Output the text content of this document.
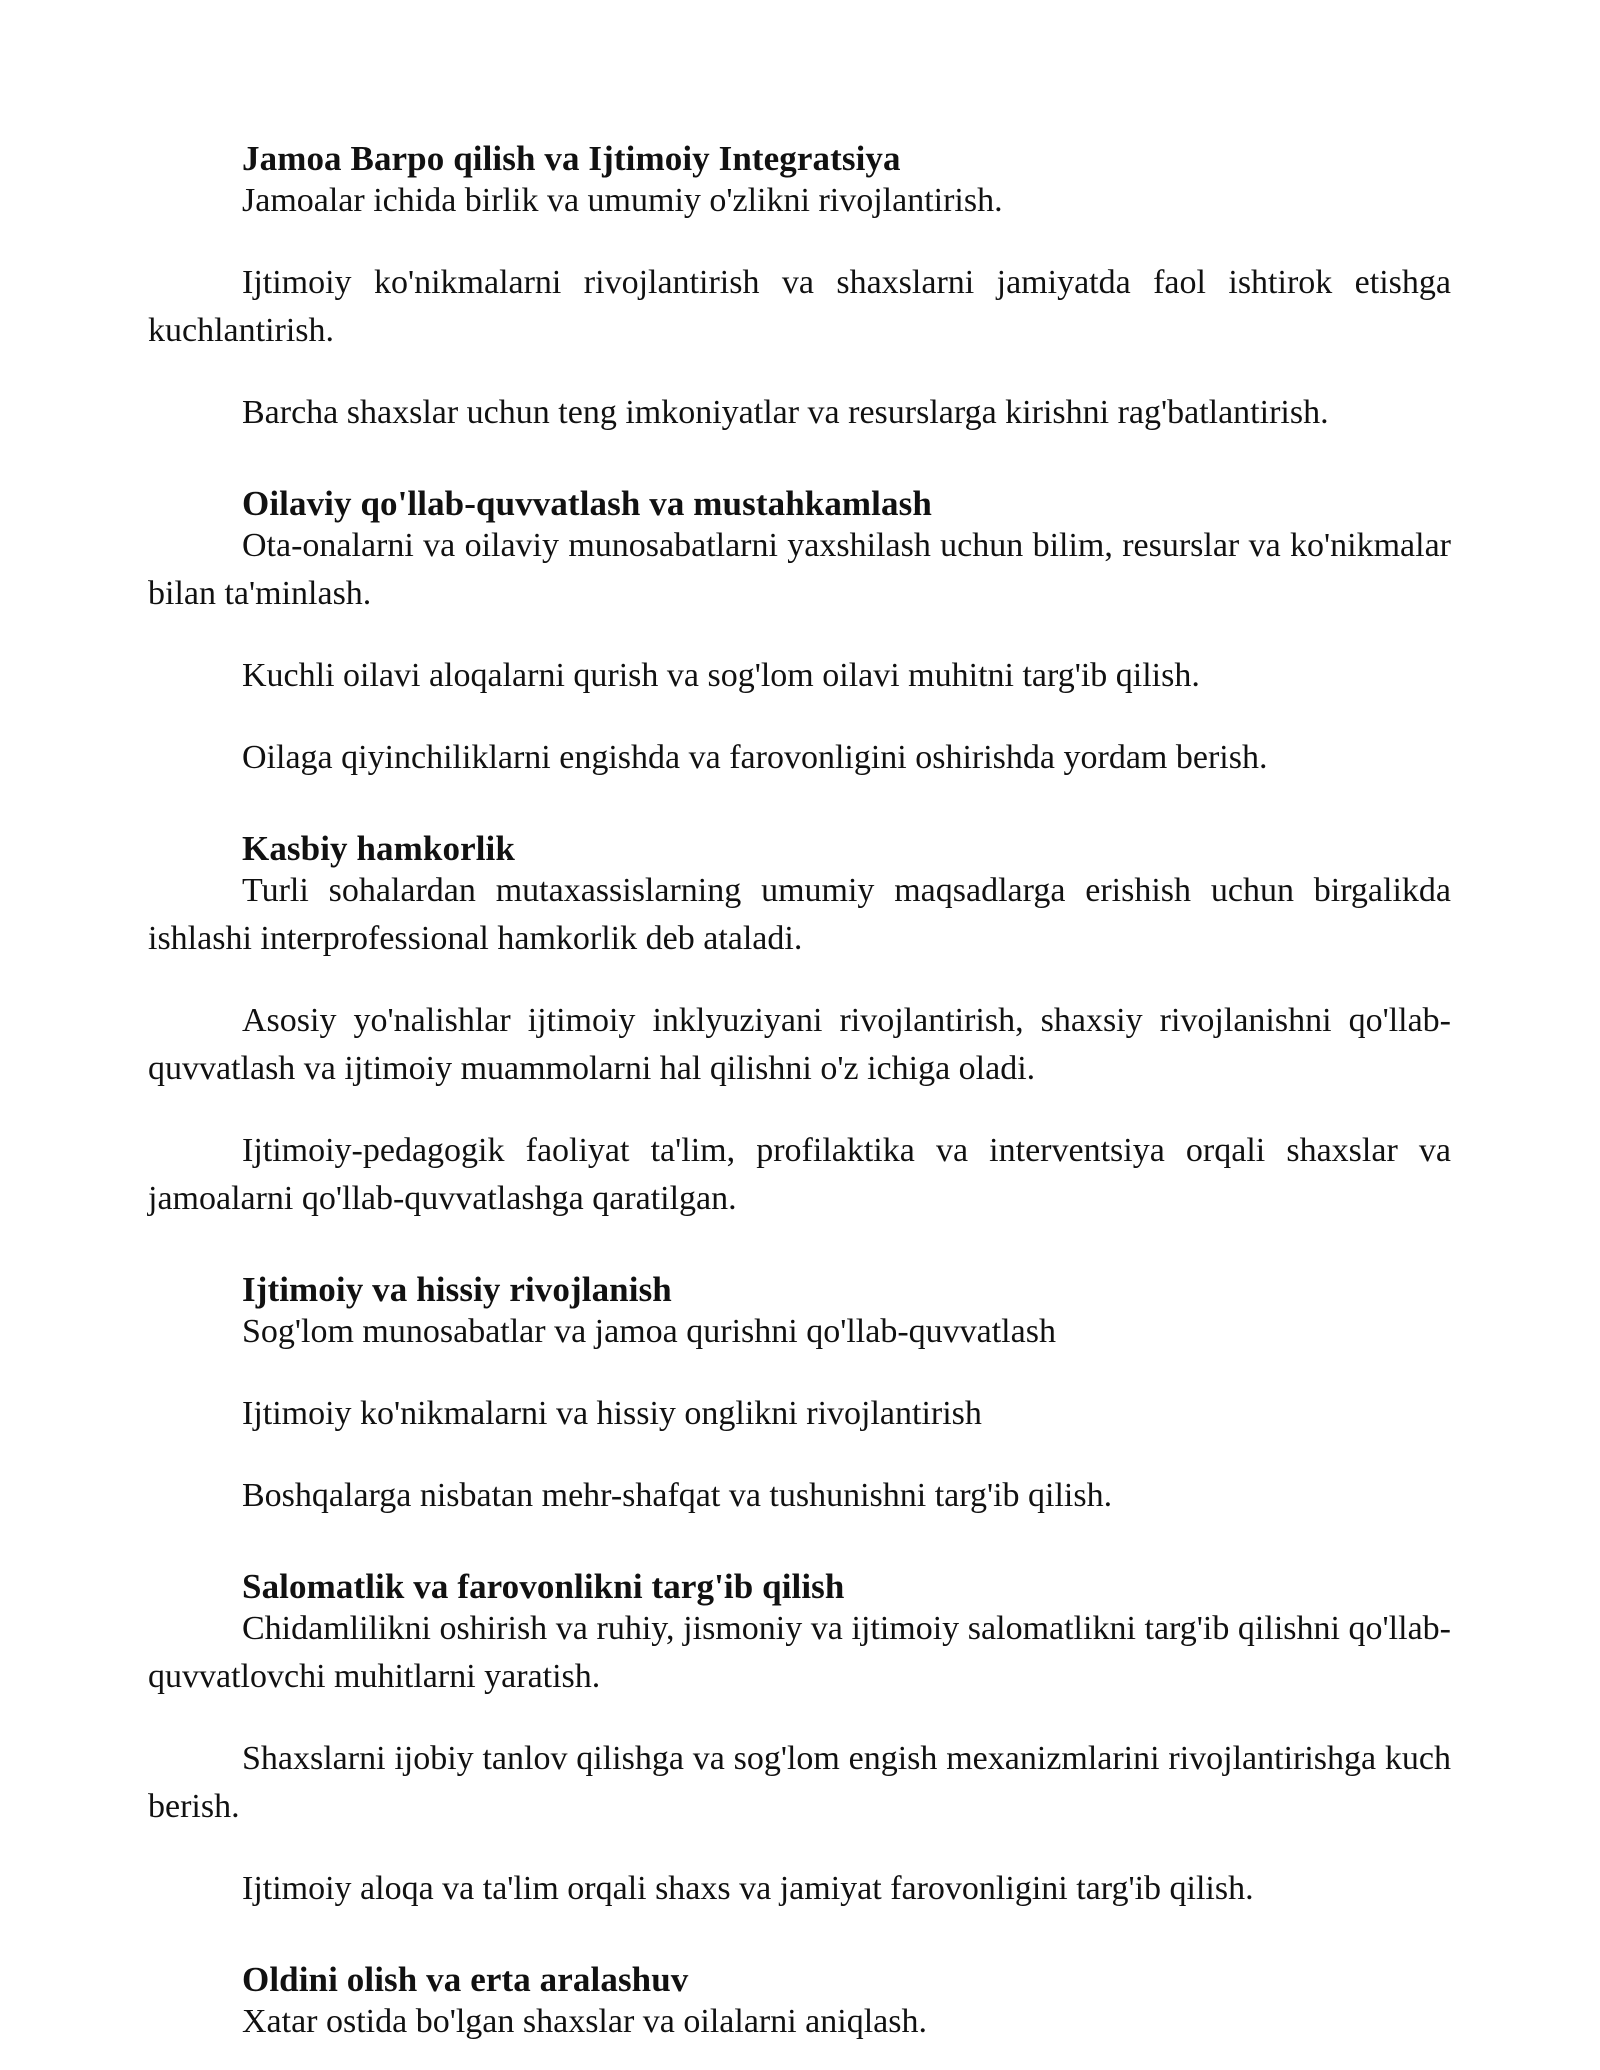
Jamoa Barpo qilish va Ijtimoiy Integratsiya

Jamoalar ichida birlik va umumiy o'zlikni rivojlantirish.

Ijtimoiy ko'nikmalarni rivojlantirish va shaxslarni jamiyatda faol ishtirok etishga kuchlantirish.

Barcha shaxslar uchun teng imkoniyatlar va resurslarga kirishni rag'batlantirish.

Oilaviy qo'llab-quvvatlash va mustahkamlash

Ota-onalarni va oilaviy munosabatlarni yaxshilash uchun bilim, resurslar va ko'nikmalar bilan ta'minlash.

Kuchli oilavi aloqalarni qurish va sog'lom oilavi muhitni targ'ib qilish.

Oilaga qiyinchiliklarni engishda va farovonligini oshirishda yordam berish.

Kasbiy hamkorlik

Turli sohalardan mutaxassislarning umumiy maqsadlarga erishish uchun birgalikda ishlashi interprofessional hamkorlik deb ataladi.

Asosiy yo'nalishlar ijtimoiy inklyuziyani rivojlantirish, shaxsiy rivojlanishni qo'llab-quvvatlash va ijtimoiy muammolarni hal qilishni o'z ichiga oladi.

Ijtimoiy-pedagogik faoliyat ta'lim, profilaktika va interventsiya orqali shaxslar va jamoalarni qo'llab-quvvatlashga qaratilgan.

Ijtimoiy va hissiy rivojlanish

Sog'lom munosabatlar va jamoa qurishni qo'llab-quvvatlash

Ijtimoiy ko'nikmalarni va hissiy onglikni rivojlantirish

Boshqalarga nisbatan mehr-shafqat va tushunishni targ'ib qilish.

Salomatlik va farovonlikni targ'ib qilish

Chidamlilikni oshirish va ruhiy, jismoniy va ijtimoiy salomatlikni targ'ib qilishni qo'llab-quvvatlovchi muhitlarni yaratish.

Shaxslarni ijobiy tanlov qilishga va sog'lom engish mexanizmlarini rivojlantirishga kuch berish.

Ijtimoiy aloqa va ta'lim orqali shaxs va jamiyat farovonligini targ'ib qilish.

Oldini olish va erta aralashuv

Xatar ostida bo'lgan shaxslar va oilalarni aniqlash.
